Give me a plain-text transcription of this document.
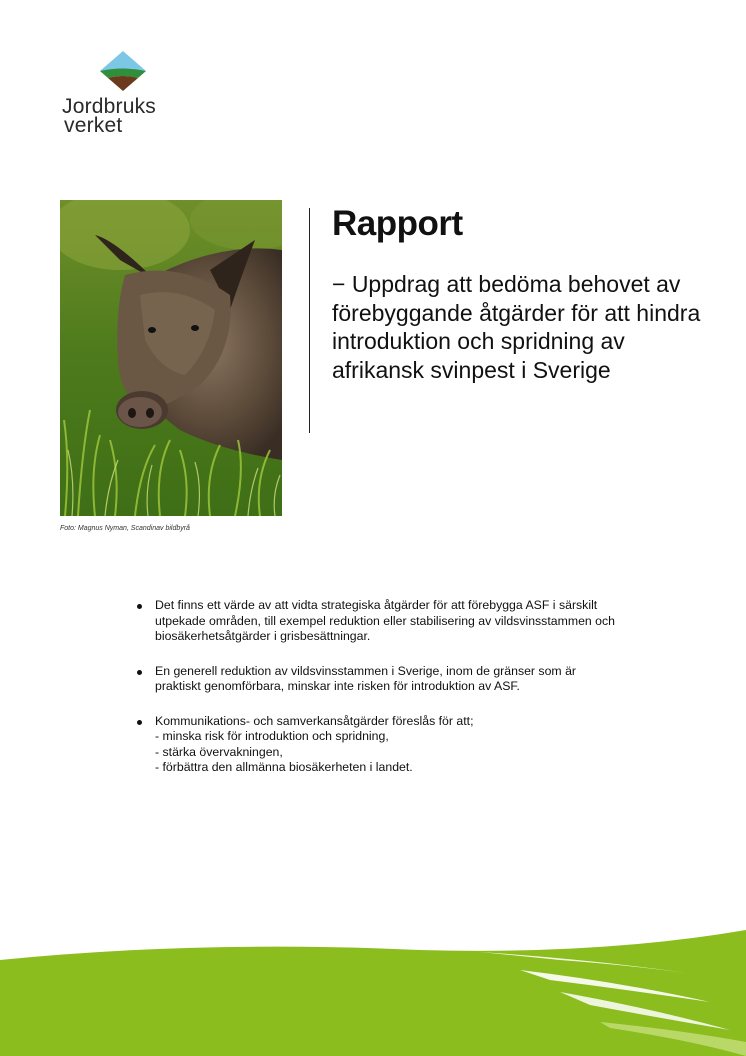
Jordbruks
verket
Foto: Magnus Nyman, Scandinav bildbyrå
Rapport

− Uppdrag att bedöma behovet av förebyggande åtgärder för att hindra introduktion och spridning av afrikansk svinpest i Sverige

Det finns ett värde av att vidta strategiska åtgärder för att förebygga ASF i särskilt utpekade områden, till exempel reduktion eller stabilisering av vildsvinsstammen och biosäkerhetsåtgärder i grisbesättningar.
En generell reduktion av vildsvinsstammen i Sverige, inom de gränser som är praktiskt genomförbara, minskar inte risken för introduktion av ASF.
Kommunikations- och samverkansåtgärder föreslås för att;
- minska risk för introduktion och spridning,
- stärka övervakningen,
- förbättra den allmänna biosäkerheten i landet.
